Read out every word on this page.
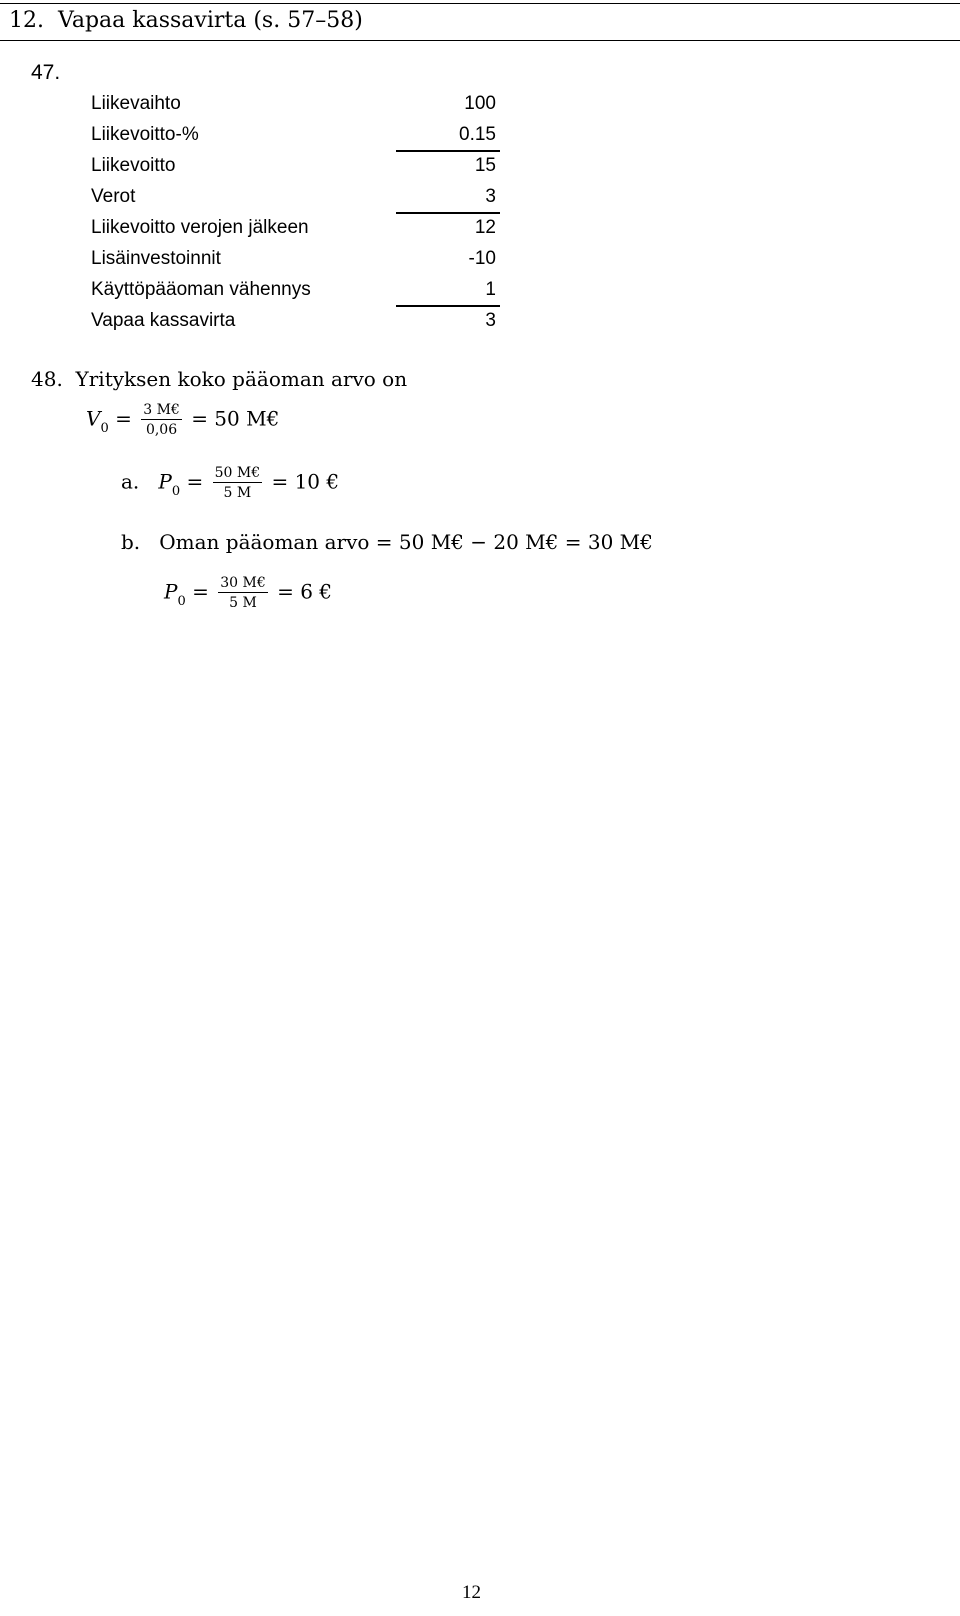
12.  Vapaa kassavirta (s. 57–58)
47.
Liikevaihto	100
Liikevoitto-%	0.15
Liikevoitto	15
Verot	3
Liikevoitto verojen jälkeen	12
Lisäinvestoinnit	-10
Käyttöpääoman vähennys	1
Vapaa kassavirta	3
48. Yrityksen koko pääoman arvo on
$V_0 = \frac{3 M€}{0,06} = 50$ M€
a. $P_0 = \frac{50 M€}{5 M} = 10$ €
b. Oman pääoman arvo = 50 M€ − 20 M€ = 30 M€
$P_0 = \frac{30 M€}{5 M} = 6$ €
12
